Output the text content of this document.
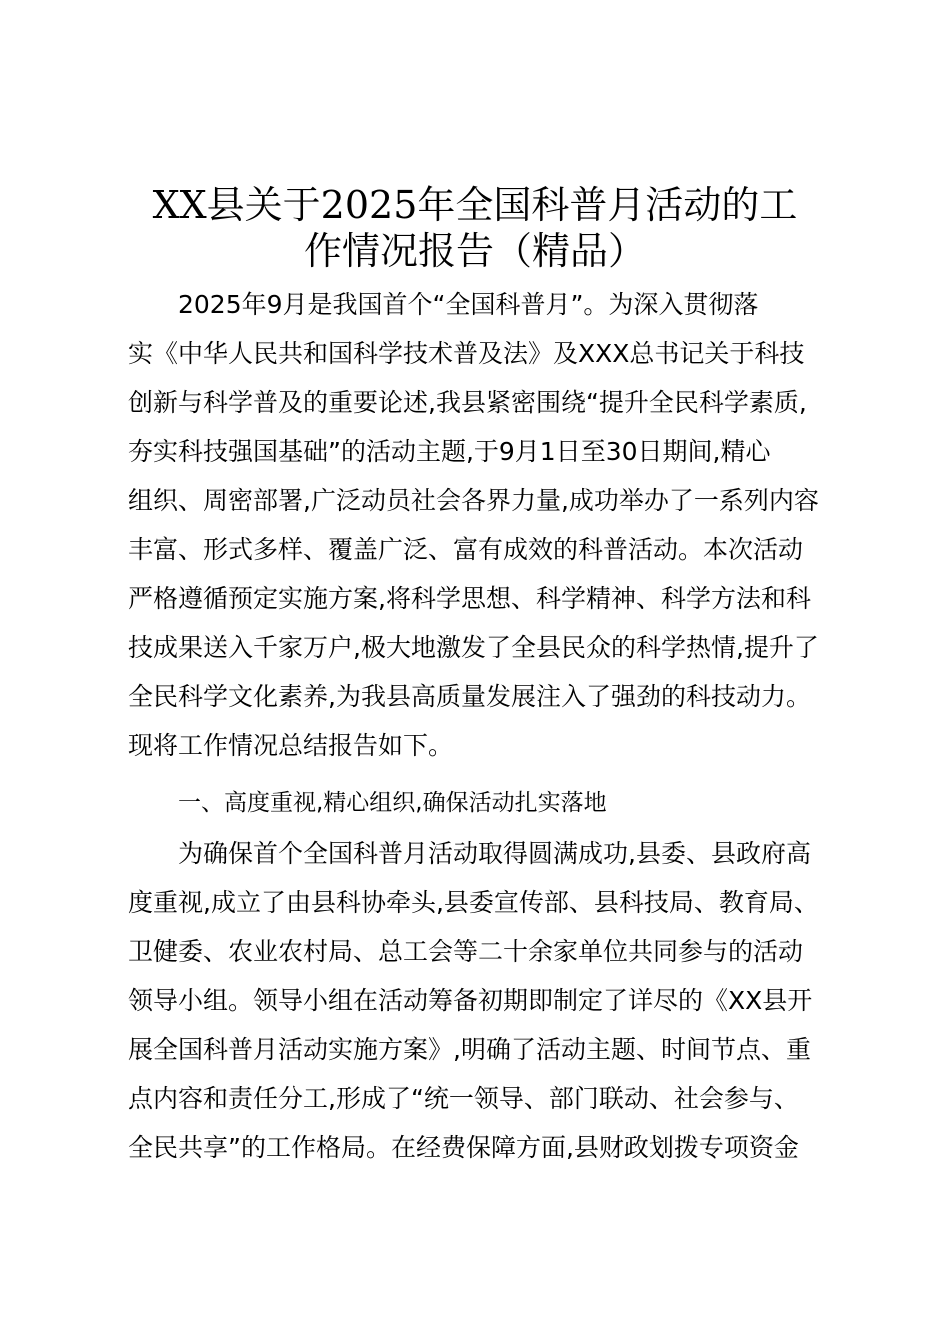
XX县关于2025年全国科普月活动的工
作情况报告（精品）
2025年9月是我国首个“全国科普月”。为深入贯彻落
实《中华人民共和国科学技术普及法》及XXX总书记关于科技
创新与科学普及的重要论述,我县紧密围绕“提升全民科学素质,
夯实科技强国基础”的活动主题,于9月1日至30日期间,精心
组织、周密部署,广泛动员社会各界力量,成功举办了一系列内容
丰富、形式多样、覆盖广泛、富有成效的科普活动。本次活动
严格遵循预定实施方案,将科学思想、科学精神、科学方法和科
技成果送入千家万户,极大地激发了全县民众的科学热情,提升了
全民科学文化素养,为我县高质量发展注入了强劲的科技动力。
现将工作情况总结报告如下。
一、高度重视,精心组织,确保活动扎实落地
为确保首个全国科普月活动取得圆满成功,县委、县政府高
度重视,成立了由县科协牵头,县委宣传部、县科技局、教育局、
卫健委、农业农村局、总工会等二十余家单位共同参与的活动
领导小组。领导小组在活动筹备初期即制定了详尽的《XX县开
展全国科普月活动实施方案》,明确了活动主题、时间节点、重
点内容和责任分工,形成了“统一领导、部门联动、社会参与、
全民共享”的工作格局。在经费保障方面,县财政划拨专项资金
